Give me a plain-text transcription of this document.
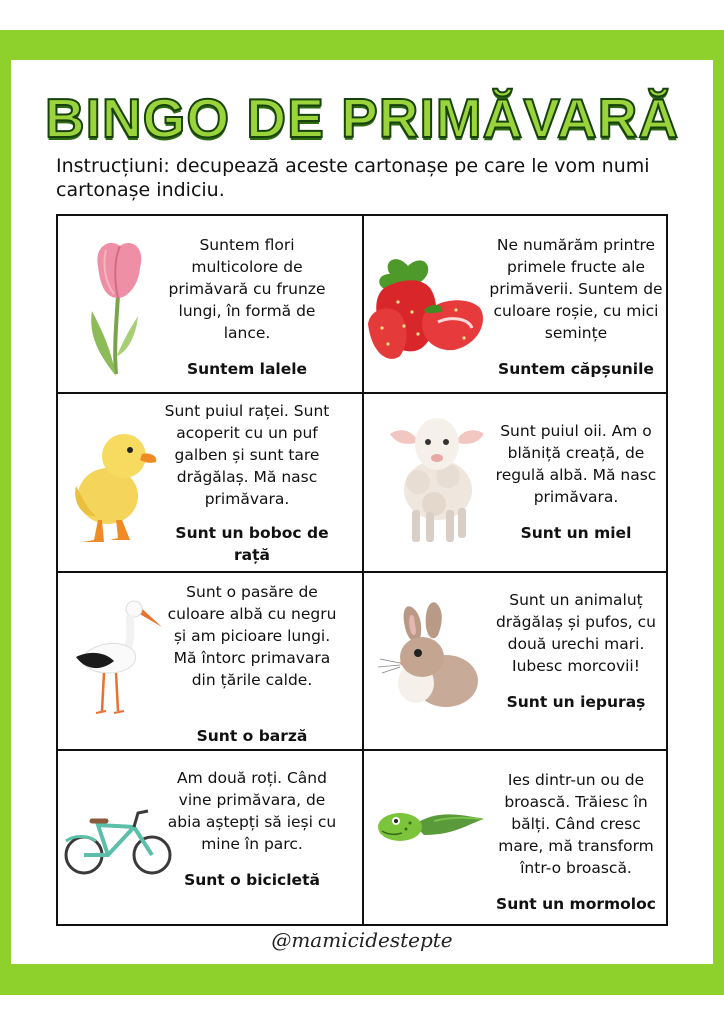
BINGO DE PRIMĂVARĂ
Instrucțiuni: decupează aceste cartonașe pe care le vom numi cartonașe indiciu.
Suntem flori multicolore de primăvară cu frunze lungi, în formă de lance.
Suntem lalele
Ne numărăm printre primele fructe ale primăverii. Suntem de culoare roșie, cu mici semințe
Suntem căpșunile
Sunt puiul raței. Sunt acoperit cu un puf galben și sunt tare drăgălaș. Mă nasc primăvara.
Sunt un boboc de rață
Sunt puiul oii. Am o blăniță creață, de regulă albă. Mă nasc primăvara.
Sunt un miel
Sunt o pasăre de culoare albă cu negru și am picioare lungi. Mă întorc primavara din țările calde.
Sunt o barză
Sunt un animaluț drăgălaș și pufos, cu două urechi mari. Iubesc morcovii!
Sunt un iepuraș
Am două roți. Când vine primăvara, de abia aștepți să ieși cu mine în parc.
Sunt o bicicletă
Ies dintr-un ou de broască. Trăiesc în bălți. Când cresc mare, mă transform într-o broască.
Sunt un mormoloc
@mamicidestepte
